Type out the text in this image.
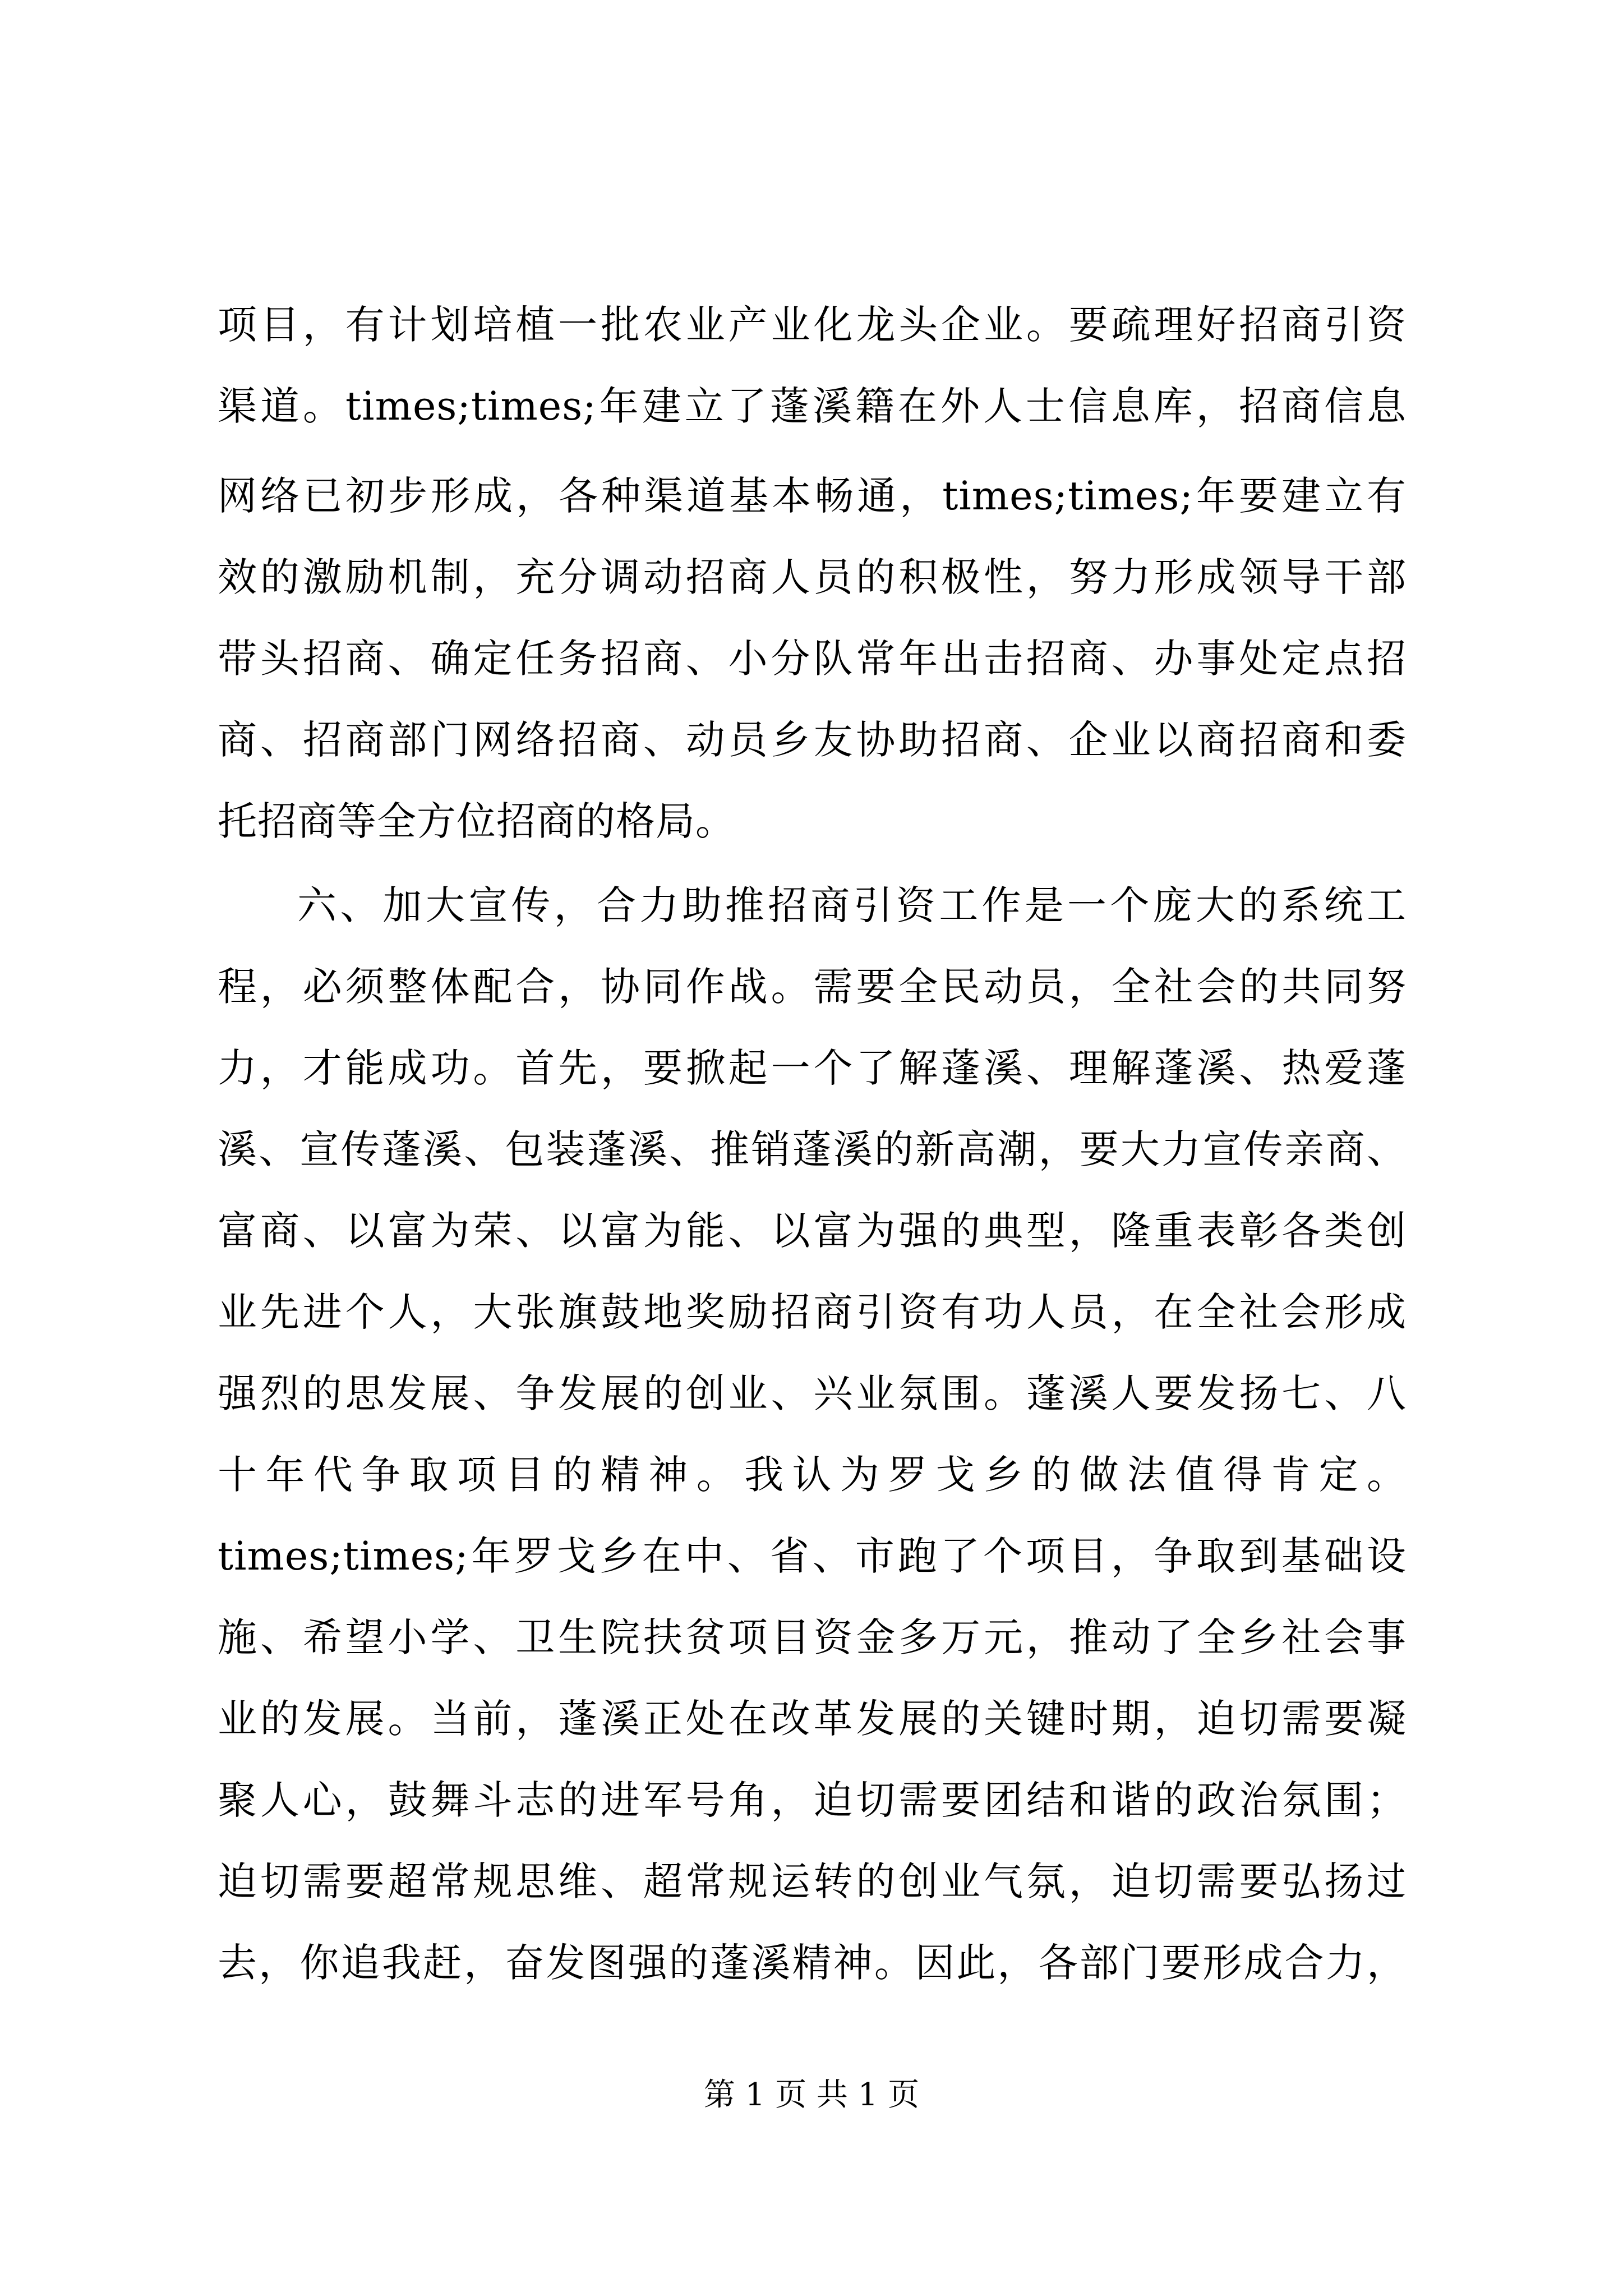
项目，有计划培植一批农业产业化龙头企业。要疏理好招商引资
渠道。times;times;年建立了蓬溪籍在外人士信息库，招商信息
网络已初步形成，各种渠道基本畅通，times;times;年要建立有
效的激励机制，充分调动招商人员的积极性，努力形成领导干部
带头招商、确定任务招商、小分队常年出击招商、办事处定点招
商、招商部门网络招商、动员乡友协助招商、企业以商招商和委
托招商等全方位招商的格局。
六、加大宣传，合力助推招商引资工作是一个庞大的系统工
程，必须整体配合，协同作战。需要全民动员，全社会的共同努
力，才能成功。首先，要掀起一个了解蓬溪、理解蓬溪、热爱蓬
溪、宣传蓬溪、包装蓬溪、推销蓬溪的新高潮，要大力宣传亲商、
富商、以富为荣、以富为能、以富为强的典型，隆重表彰各类创
业先进个人，大张旗鼓地奖励招商引资有功人员，在全社会形成
强烈的思发展、争发展的创业、兴业氛围。蓬溪人要发扬七、八
十年代争取项目的精神。我认为罗戈乡的做法值得肯定。
times;times;年罗戈乡在中、省、市跑了个项目，争取到基础设
施、希望小学、卫生院扶贫项目资金多万元，推动了全乡社会事
业的发展。当前，蓬溪正处在改革发展的关键时期，迫切需要凝
聚人心，鼓舞斗志的进军号角，迫切需要团结和谐的政治氛围；
迫切需要超常规思维、超常规运转的创业气氛，迫切需要弘扬过
去，你追我赶，奋发图强的蓬溪精神。因此，各部门要形成合力，
第 1 页 共 1 页
